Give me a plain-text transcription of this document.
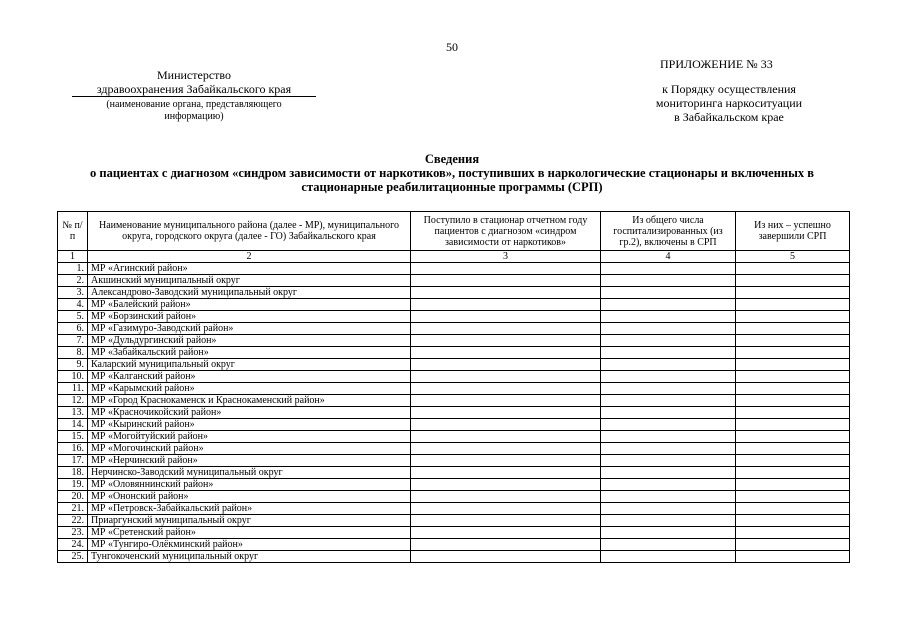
50
ПРИЛОЖЕНИЕ № 33
к Порядку осуществления
мониторинга наркоситуации
в Забайкальском крае
Министерство
здравоохранения Забайкальского края
(наименование органа, представляющего
информацию)
Сведения
о пациентах с диагнозом «синдром зависимости от наркотиков», поступивших в наркологические стационары и включенных в
стационарные реабилитационные программы (СРП)
№ п/п	Наименование муниципального района (далее - МР), муниципального округа, городского округа (далее - ГО) Забайкальского края	Поступило в стационар отчетном году пациентов с диагнозом «синдром зависимости от наркотиков»	Из общего числа госпитализированных (из гр.2), включены в СРП	Из них – успешно завершили СРП
1	2	3	4	5
1.	МР «Агинский район»			
2.	Акшинский муниципальный округ			
3.	Александрово-Заводский муниципальный округ			
4.	МР «Балейский район»			
5.	МР «Борзинский район»			
6.	МР «Газимуро-Заводский район»			
7.	МР «Дульдургинский район»			
8.	МР «Забайкальский район»			
9.	Каларский муниципальный округ			
10.	МР «Калганский район»			
11.	МР «Карымский район»			
12.	МР «Город Краснокаменск и Краснокаменский район»			
13.	МР «Красночикойский район»			
14.	МР «Кыринский район»			
15.	МР «Могойтуйский район»			
16.	МР «Могочинский район»			
17.	МР «Нерчинский район»			
18.	Нерчинско-Заводский муниципальный округ			
19.	МР «Оловяннинский район»			
20.	МР «Ононский район»			
21.	МР «Петровск-Забайкальский район»			
22.	Приаргунский муниципальный округ			
23.	МР «Сретенский район»			
24.	МР «Тунгиро-Олёкминский район»			
25.	Тунгокоченский муниципальный округ			
